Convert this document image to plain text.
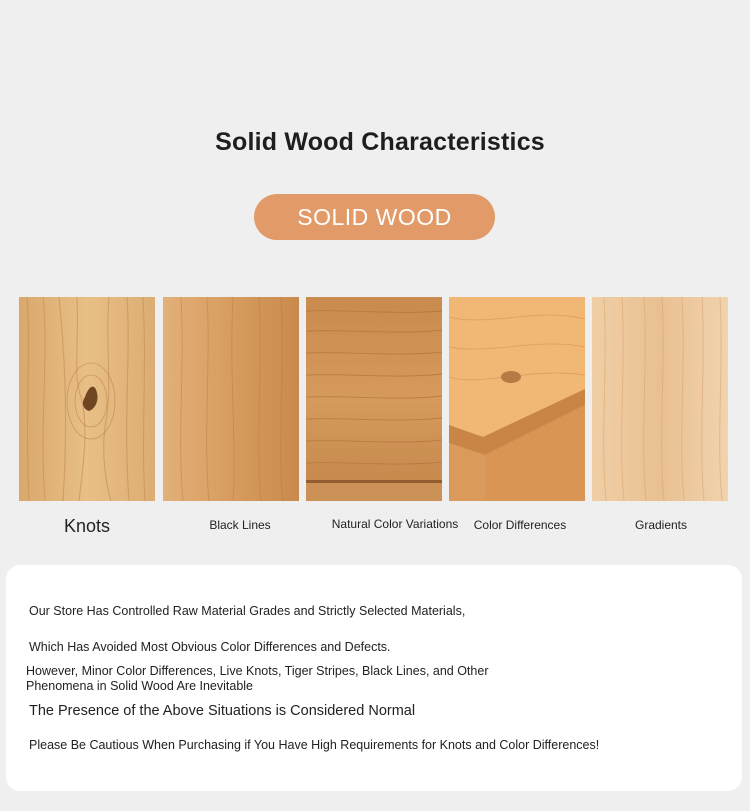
Solid Wood Characteristics
SOLID WOOD
Knots	Black Lines	Natural Color Variations	Color Differences	Gradients
Our Store Has Controlled Raw Material Grades and Strictly Selected Materials,
Which Has Avoided Most Obvious Color Differences and Defects.
However, Minor Color Differences, Live Knots, Tiger Stripes, Black Lines, and Other
Phenomena in Solid Wood Are Inevitable
The Presence of the Above Situations is Considered Normal
Please Be Cautious When Purchasing if You Have High Requirements for Knots and Color Differences!
